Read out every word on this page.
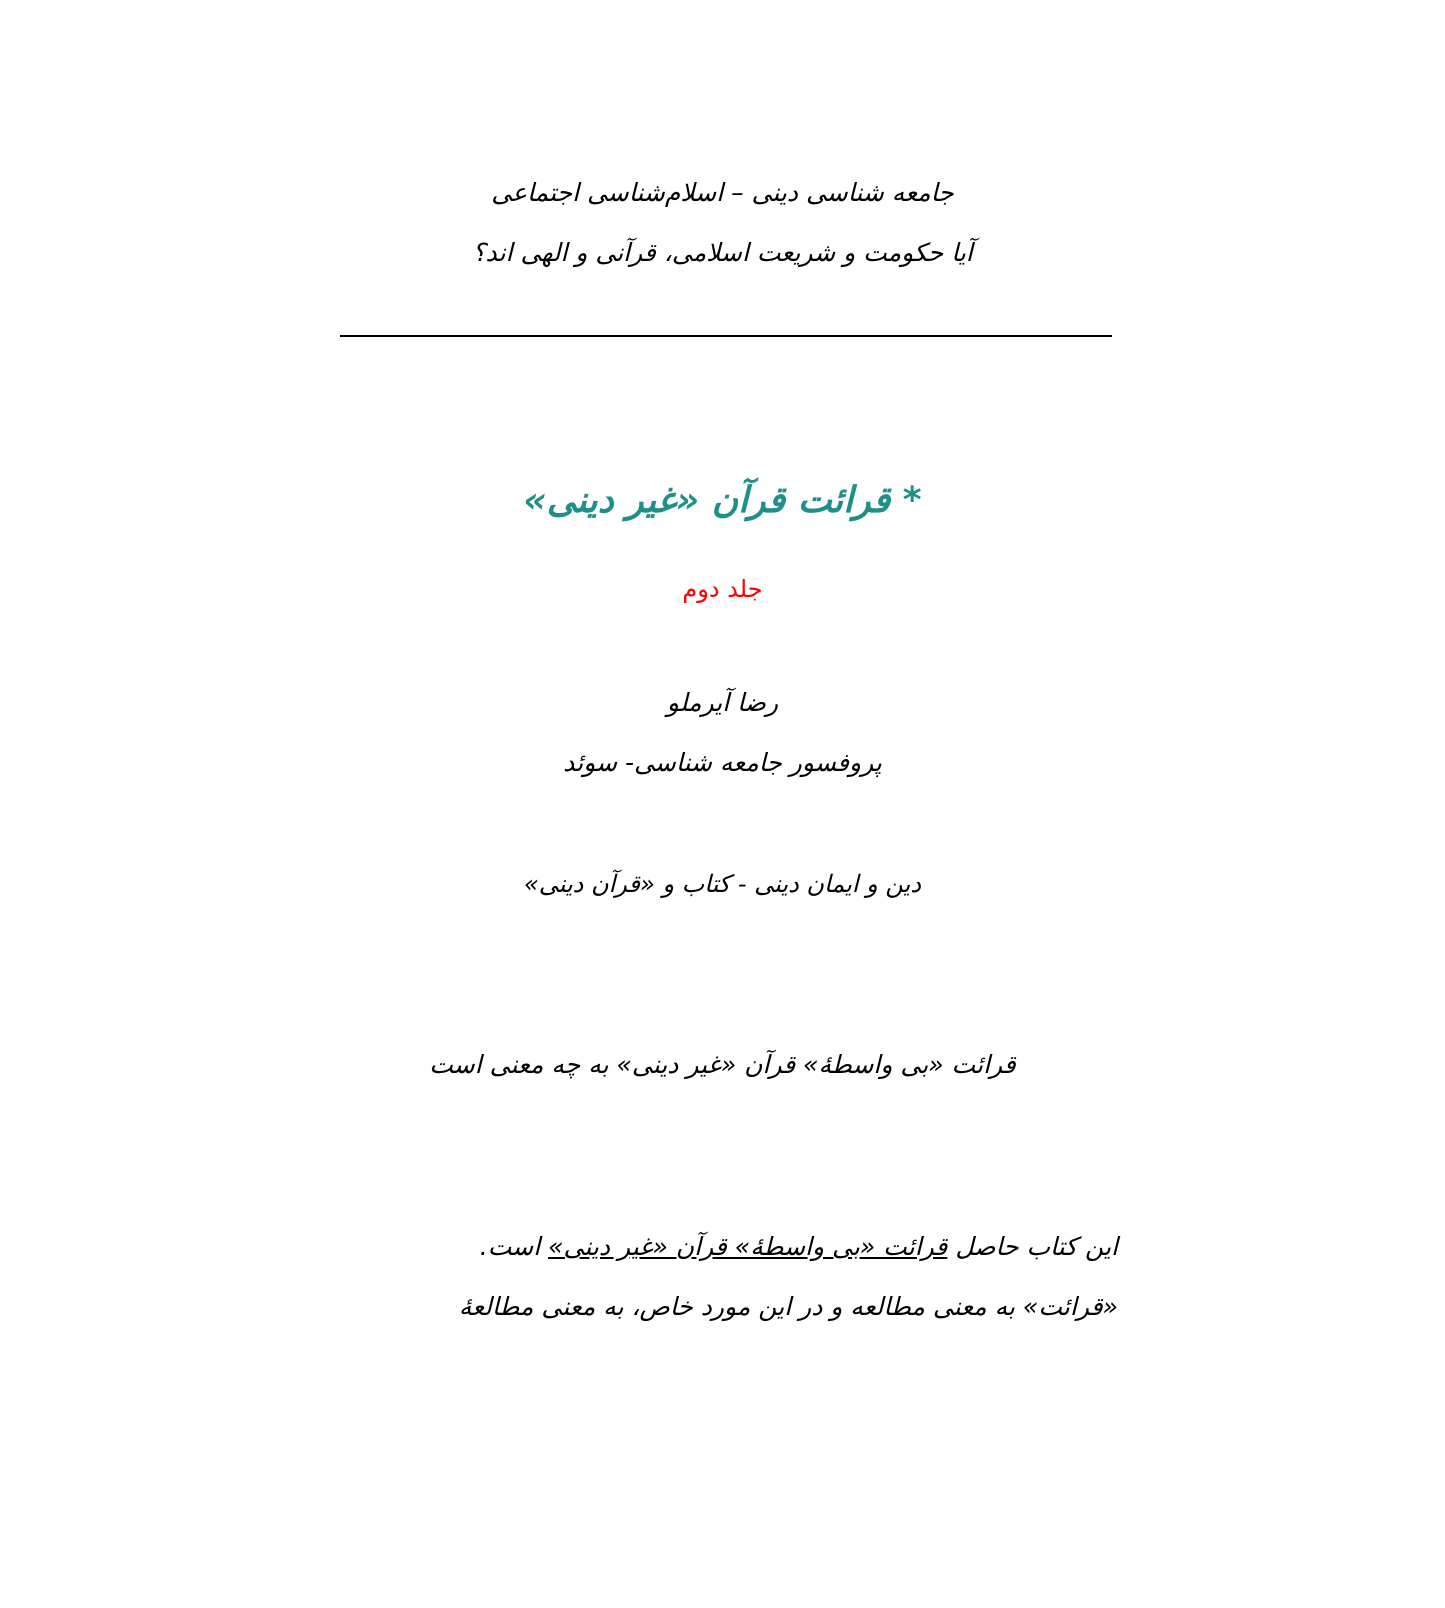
جامعه شناسی دینی – اسلام‌شناسی اجتماعی
آیا حکومت و شریعت اسلامی، قرآنی و الهی اند؟
* قرائت قرآن «غیر دینی»
جلد دوم
رضا آیرملو
پروفسور جامعه شناسی- سوئد
دین و ایمان دینی - کتاب و «قرآن دینی»
قرائت «بی واسطۀ» قرآن «غیر دینی» به چه معنی است
این کتاب حاصل قرائت «بی واسطۀ» قرآن «غیر دینی» است.
«قرائت» به معنی مطالعه و در این مورد خاص، به معنی مطالعۀ
